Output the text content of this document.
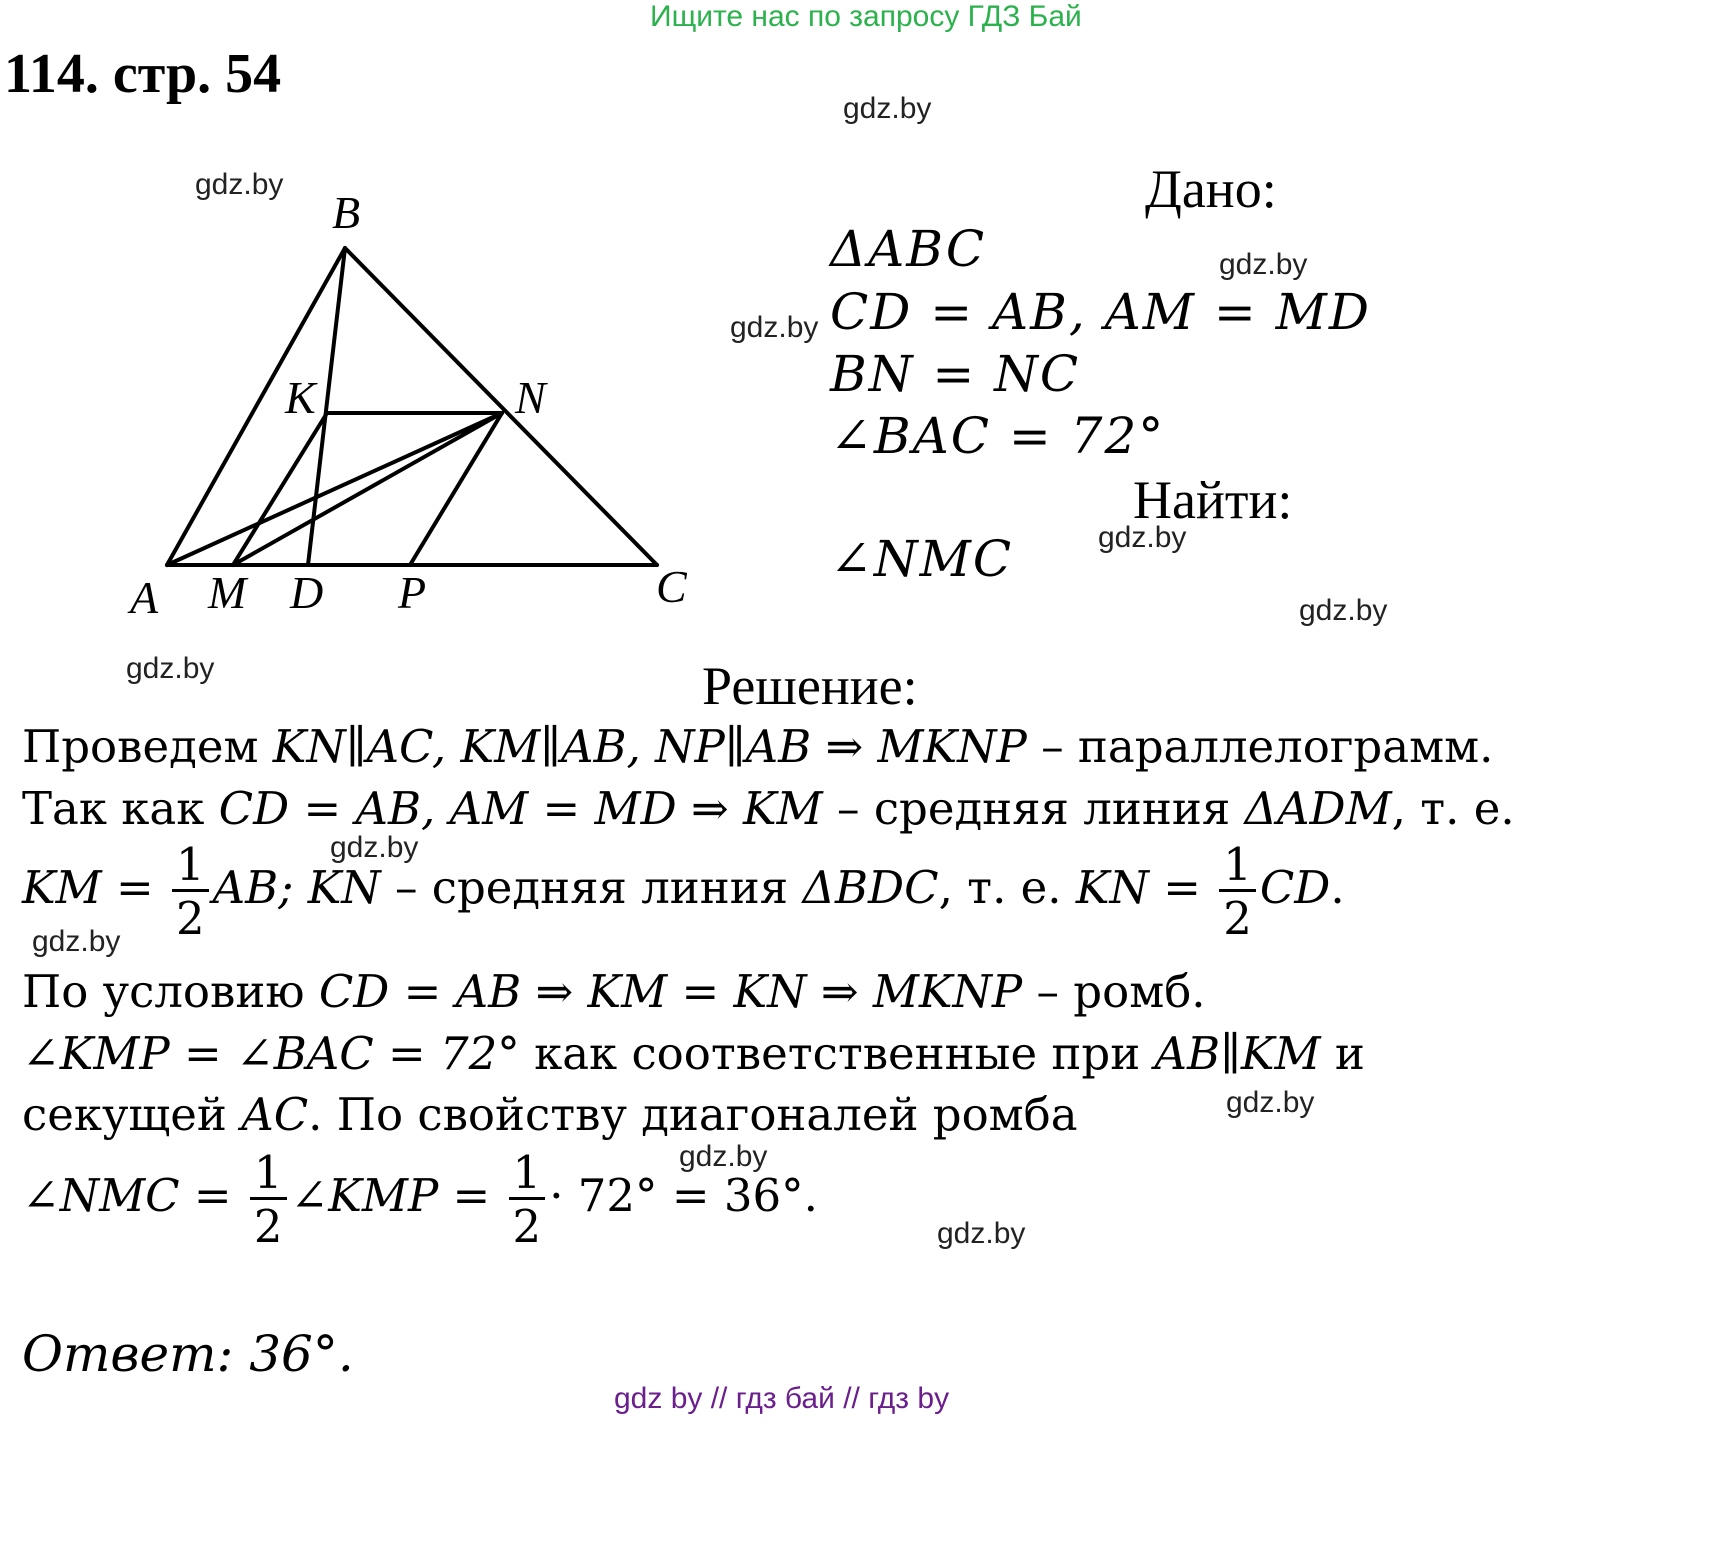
Ищите нас по запросу ГДЗ Бай
114. стр. 54
gdz.by
gdz.by
gdz.by
gdz.by
gdz.by
gdz.by
gdz.by
gdz.by
gdz.by
gdz.by
gdz.by
gdz.by
B
K	N
A M D P	C
Дано:
ΔABC
CD = AB, AM = MD
BN = NC
∠BAC = 72°
Найти:
∠NMC
Решение:
Проведем KN∥AC, KM∥AB, NP∥AB ⇒ MKNP – параллелограмм.
Так как CD = AB, AM = MD ⇒ KM – средняя линия ΔADM, т. е.
KM = $\frac{1}{2}$ AB; KN – средняя линия ΔBDC, т. е. KN = $\frac{1}{2}$ CD.
По условию CD = AB ⇒ KM = KN ⇒ MKNP – ромб.
∠KMP = ∠BAC = 72° как соответственные при AB∥KM и
секущей AC. По свойству диагоналей ромба
∠NMC = $\frac{1}{2}$ ∠KMP = $\frac{1}{2} \cdot 72^\circ = 36^\circ$.
Ответ: 36°.
gdz by // гдз бай // гдз by
